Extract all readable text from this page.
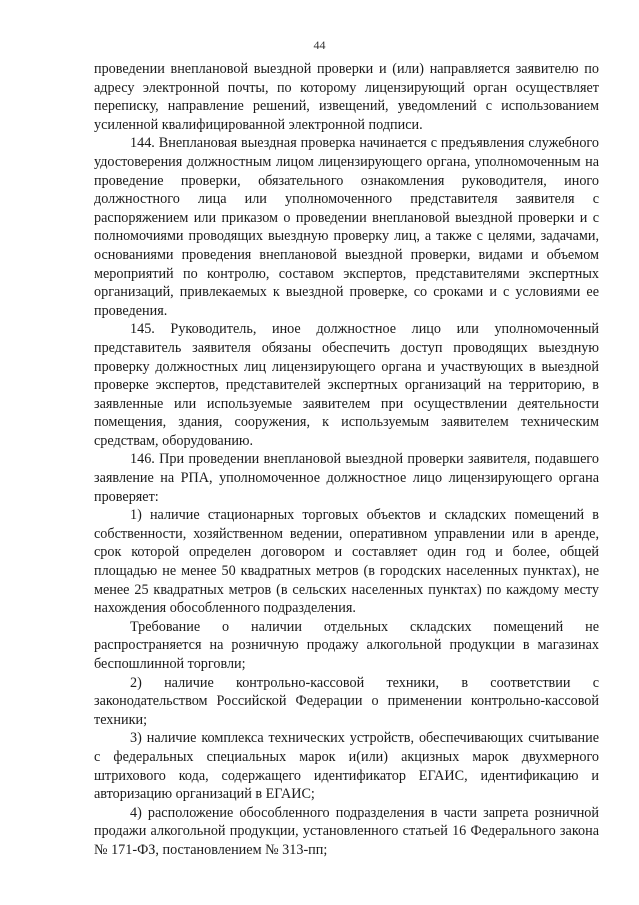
44

проведении внеплановой выездной проверки и (или) направляется заявителю по адресу электронной почты, по которому лицензирующий орган осуществляет переписку, направление решений, извещений, уведомлений с использованием усиленной квалифицированной электронной подписи.

144. Внеплановая выездная проверка начинается с предъявления служебного удостоверения должностным лицом лицензирующего органа, уполномоченным на проведение проверки, обязательного ознакомления руководителя, иного должностного лица или уполномоченного представителя заявителя с распоряжением или приказом о проведении внеплановой выездной проверки и с полномочиями проводящих выездную проверку лиц, а также с целями, задачами, основаниями проведения внеплановой выездной проверки, видами и объемом мероприятий по контролю, составом экспертов, представителями экспертных организаций, привлекаемых к выездной проверке, со сроками и с условиями ее проведения.

145. Руководитель, иное должностное лицо или уполномоченный представитель заявителя обязаны обеспечить доступ проводящих выездную проверку должностных лиц лицензирующего органа и участвующих в выездной проверке экспертов, представителей экспертных организаций на территорию, в заявленные или используемые заявителем при осуществлении деятельности помещения, здания, сооружения, к используемым заявителем техническим средствам, оборудованию.

146. При проведении внеплановой выездной проверки заявителя, подавшего заявление на РПА, уполномоченное должностное лицо лицензирующего органа проверяет:

1) наличие стационарных торговых объектов и складских помещений в собственности, хозяйственном ведении, оперативном управлении или в аренде, срок которой определен договором и составляет один год и более, общей площадью не менее 50 квадратных метров (в городских населенных пунктах), не менее 25 квадратных метров (в сельских населенных пунктах) по каждому месту нахождения обособленного подразделения.

Требование о наличии отдельных складских помещений не распространяется на розничную продажу алкогольной продукции в магазинах беспошлинной торговли;

2) наличие контрольно-кассовой техники, в соответствии с законодательством Российской Федерации о применении контрольно-кассовой техники;

3) наличие комплекса технических устройств, обеспечивающих считывание с федеральных специальных марок и(или) акцизных марок двухмерного штрихового кода, содержащего идентификатор ЕГАИС, идентификацию и авторизацию организаций в ЕГАИС;

4) расположение обособленного подразделения в части запрета розничной продажи алкогольной продукции, установленного статьей 16 Федерального закона № 171-ФЗ, постановлением № 313-пп;
